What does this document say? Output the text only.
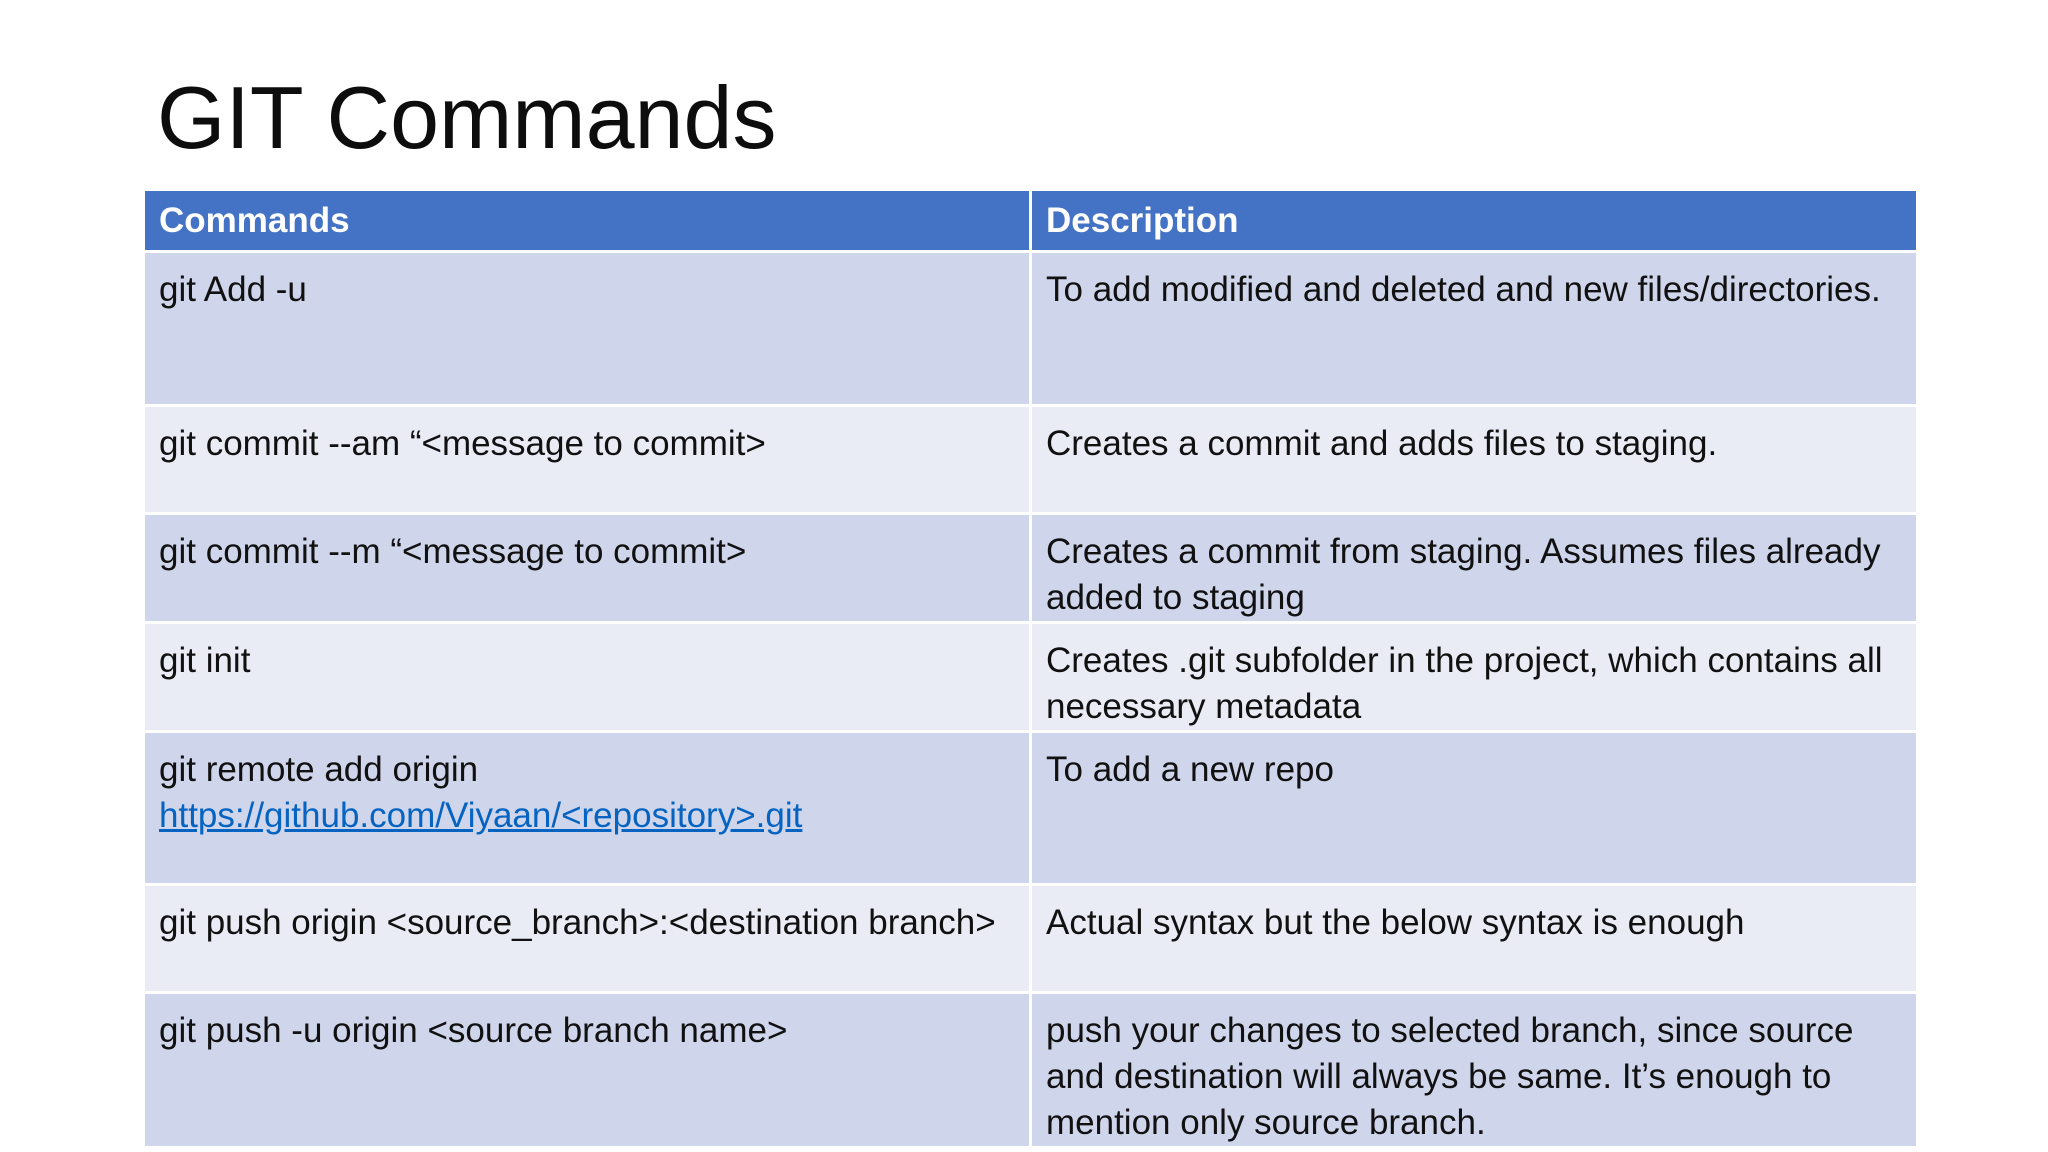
GIT Commands
Commands	Description
git Add -u	To add modified and deleted and new files/directories.
git commit --am “<message to commit>	Creates a commit and adds files to staging.
git commit --m “<message to commit>	Creates a commit from staging. Assumes files already added to staging
git init	Creates .git subfolder in the project, which contains all necessary metadata
git remote add origin
https://github.com/Viyaan/<repository>.git	To add a new repo
git push origin <source_branch>:<destination branch>	Actual syntax but the below syntax is enough
git push -u origin <source branch name>	push your changes to selected branch, since source and destination will always be same. It’s enough to mention only source branch.
